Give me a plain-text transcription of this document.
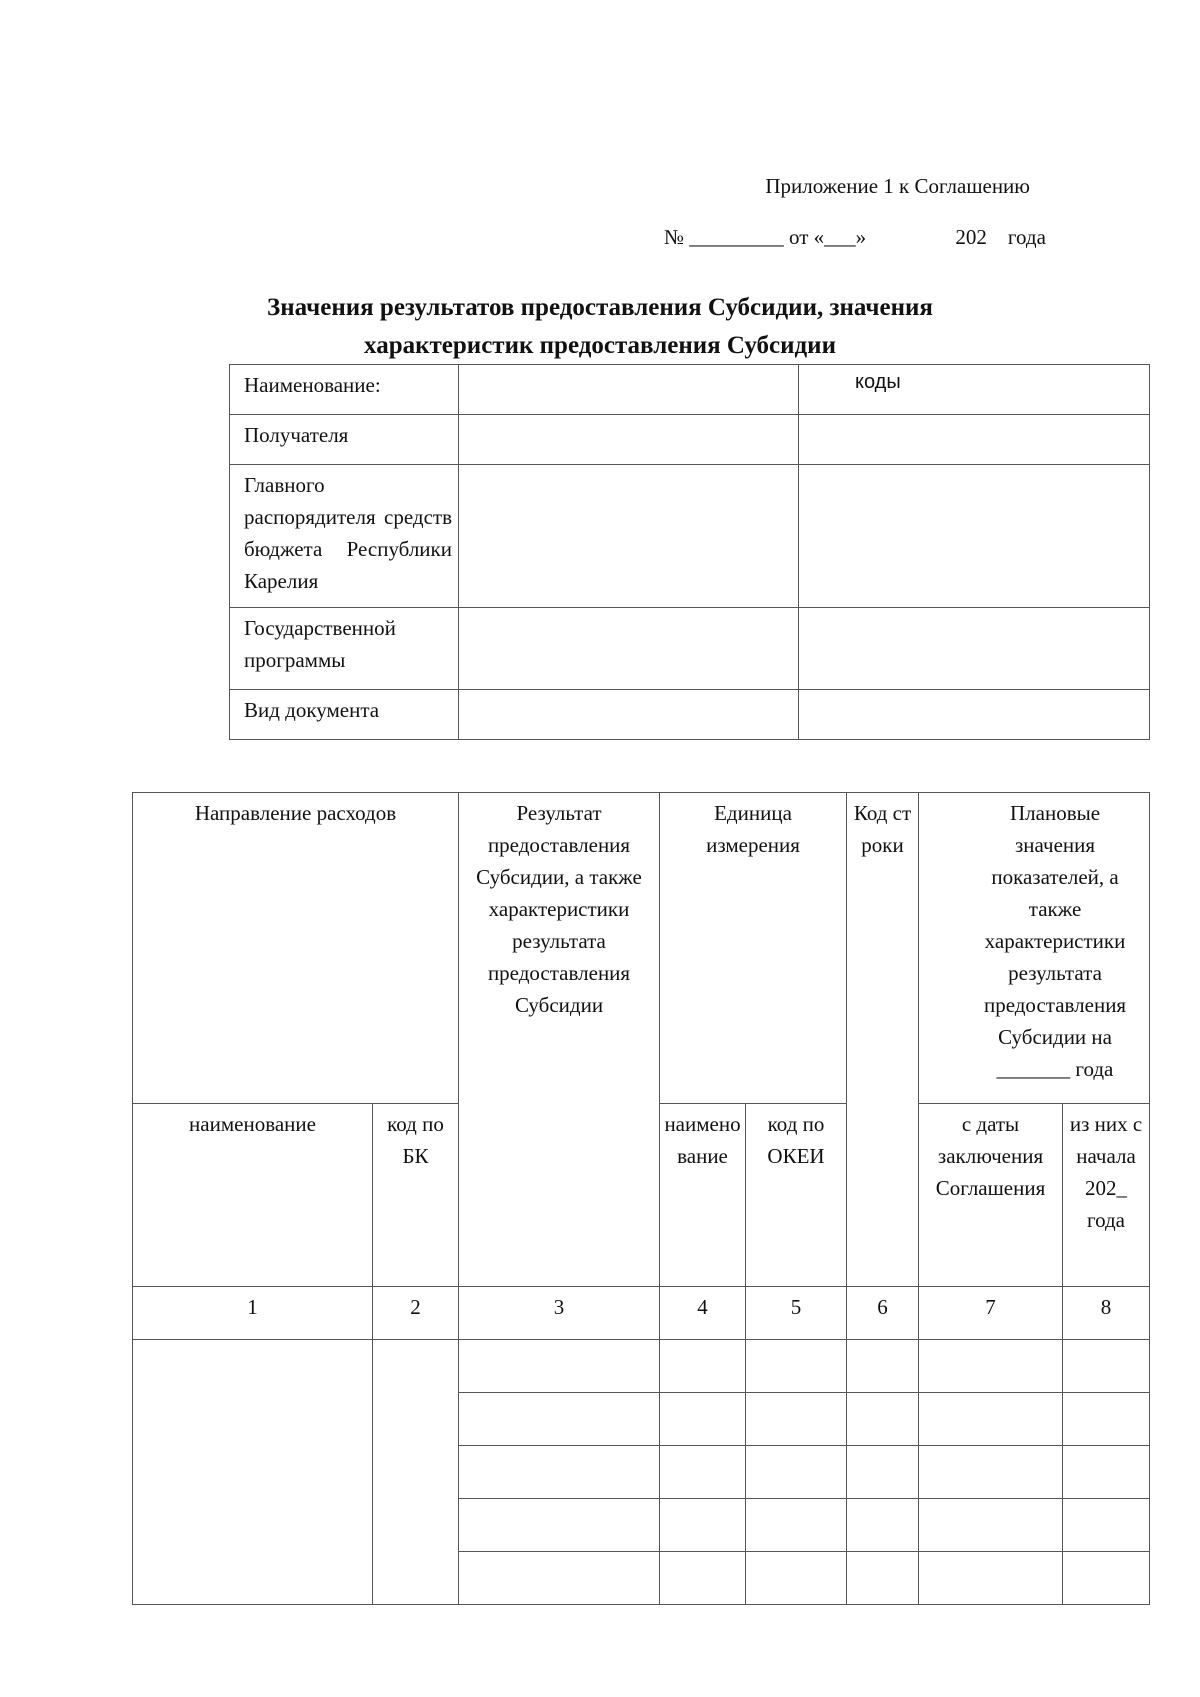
Приложение 1 к Соглашению
№ _________ от «___»                 202    года
Значения результатов предоставления Субсидии, значения
характеристик предоставления Субсидии
Наименование:		коды
Получателя		
Главного распорядителя средств бюджета Республики Карелия		
Государственной программы		
Вид документа		
Направление расходов		Результат предоставления Субсидии, а также характеристики результата предоставления Субсидии	Единица измерения		Код строки	Плановые значения показателей, а также характеристики результата предоставления Субсидии на _______ года	
наименование	код по БК		наименование	код по ОКЕИ		с даты заключения Соглашения	из них с начала 202_ года
1	2	3	4	5	6	7	8
